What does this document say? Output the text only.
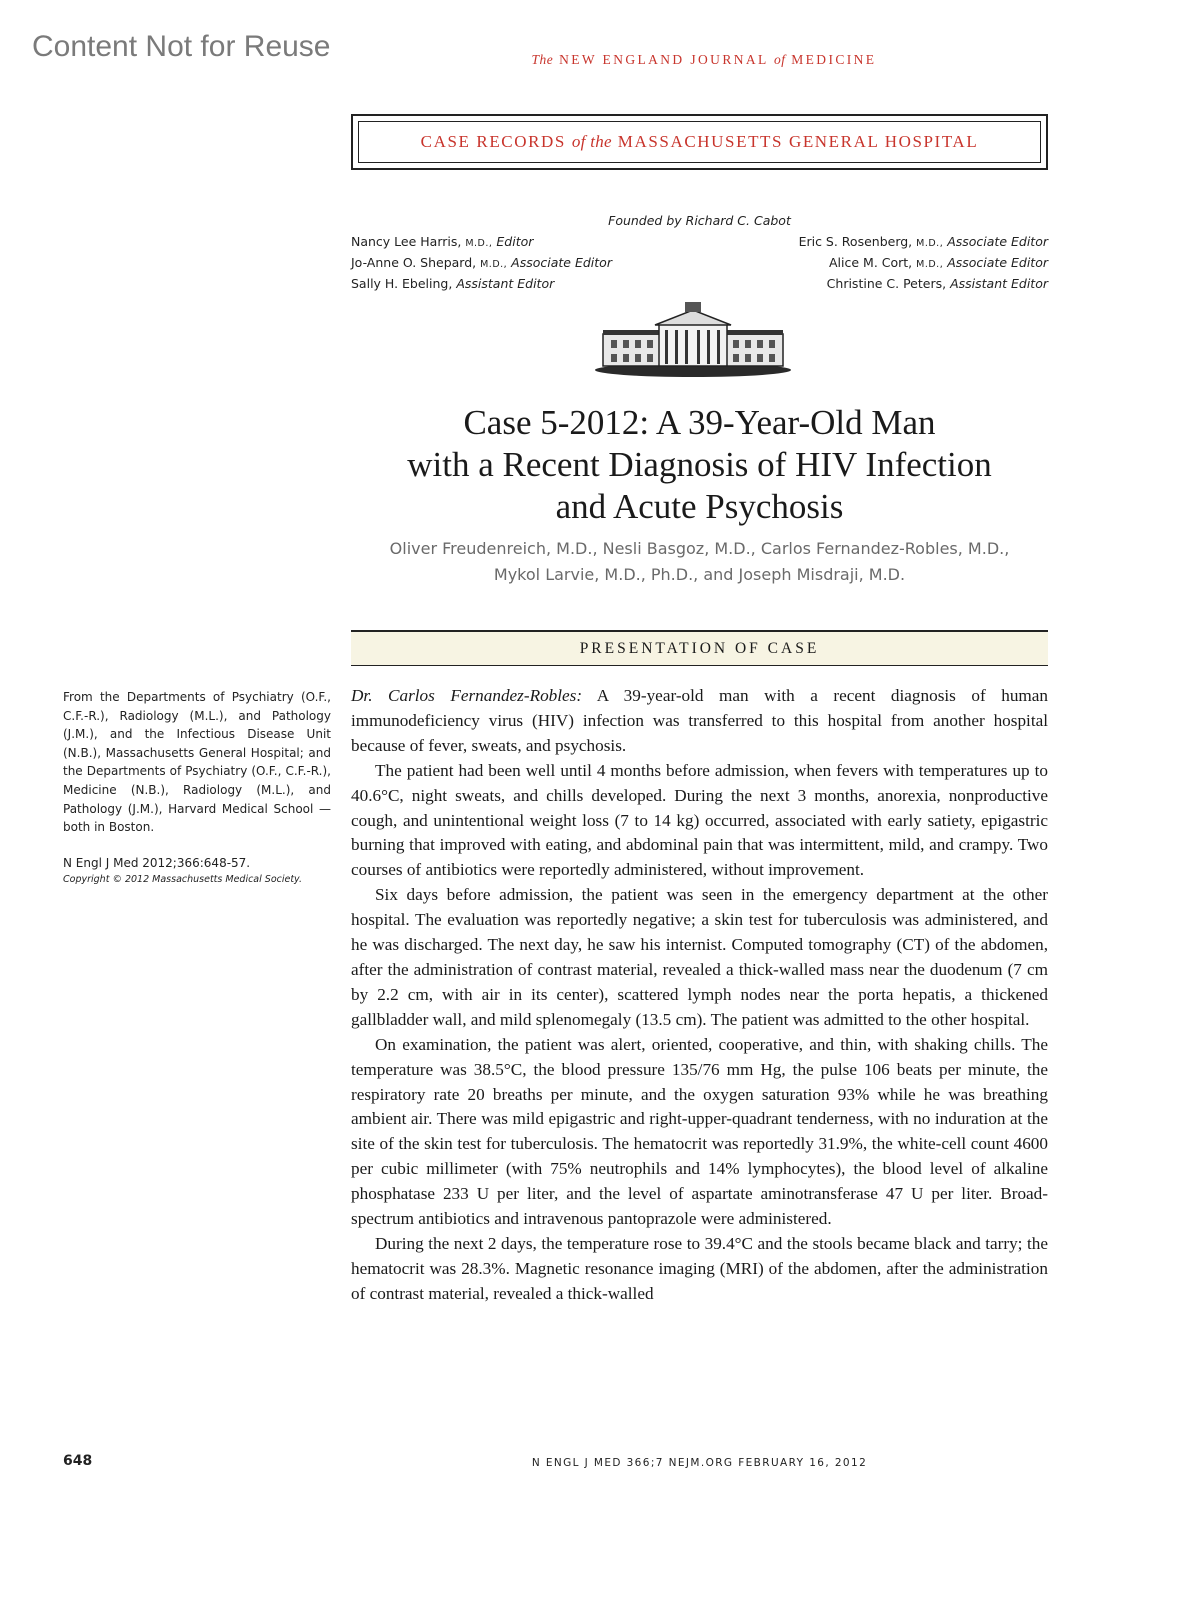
Content Not for Reuse	The NEW ENGLAND JOURNAL of MEDICINE
CASE RECORDS
of the
MASSACHUSETTS GENERAL HOSPITAL
Founded by Richard C. Cabot
Nancy Lee Harris, M.D., Editor
Jo-Anne O. Shepard, M.D., Associate Editor
Sally H. Ebeling, Assistant Editor
Eric S. Rosenberg, M.D., Associate Editor
Alice M. Cort, M.D., Associate Editor
Christine C. Peters, Assistant Editor
Case 5-2012: A 39-Year-Old Man
with a Recent Diagnosis of HIV Infection
and Acute Psychosis
Oliver Freudenreich, M.D., Nesli Basgoz, M.D., Carlos Fernandez-Robles, M.D.,
Mykol Larvie, M.D., Ph.D., and Joseph Misdraji, M.D.
PRESENTATION OF CASE
From the Departments of Psychiatry (O.F., C.F.-R.), Radiology (M.L.), and Pathology (J.M.), and the Infectious Disease Unit (N.B.), Massachusetts General Hospital; and the Departments of Psychiatry (O.F., C.F.-R.), Medicine (N.B.), Radiology (M.L.), and Pathology (J.M.), Harvard Medical School — both in Boston.
N Engl J Med 2012;366:648-57.
Copyright © 2012 Massachusetts Medical Society.

Dr. Carlos Fernandez-Robles: A 39-year-old man with a recent diagnosis of human immunodeficiency virus (HIV) infection was transferred to this hospital from another hospital because of fever, sweats, and psychosis.

The patient had been well until 4 months before admission, when fevers with temperatures up to 40.6°C, night sweats, and chills developed. During the next 3 months, anorexia, nonproductive cough, and unintentional weight loss (7 to 14 kg) occurred, associated with early satiety, epigastric burning that improved with eating, and abdominal pain that was intermittent, mild, and crampy. Two courses of antibiotics were reportedly administered, without improvement.

Six days before admission, the patient was seen in the emergency department at the other hospital. The evaluation was reportedly negative; a skin test for tuberculosis was administered, and he was discharged. The next day, he saw his internist. Computed tomography (CT) of the abdomen, after the administration of contrast material, revealed a thick-walled mass near the duodenum (7 cm by 2.2 cm, with air in its center), scattered lymph nodes near the porta hepatis, a thickened gallbladder wall, and mild splenomegaly (13.5 cm). The patient was admitted to the other hospital.

On examination, the patient was alert, oriented, cooperative, and thin, with shaking chills. The temperature was 38.5°C, the blood pressure 135/76 mm Hg, the pulse 106 beats per minute, the respiratory rate 20 breaths per minute, and the oxygen saturation 93% while he was breathing ambient air. There was mild epigastric and right-upper-quadrant tenderness, with no induration at the site of the skin test for tuberculosis. The hematocrit was reportedly 31.9%, the white-cell count 4600 per cubic millimeter (with 75% neutrophils and 14% lymphocytes), the blood level of alkaline phosphatase 233 U per liter, and the level of aspartate aminotransferase 47 U per liter. Broad-spectrum antibiotics and intravenous pantoprazole were administered.

During the next 2 days, the temperature rose to 39.4°C and the stools became black and tarry; the hematocrit was 28.3%. Magnetic resonance imaging (MRI) of the abdomen, after the administration of contrast material, revealed a thick-walled

648	N ENGL J MED 366;7 NEJM.ORG FEBRUARY 16, 2012
